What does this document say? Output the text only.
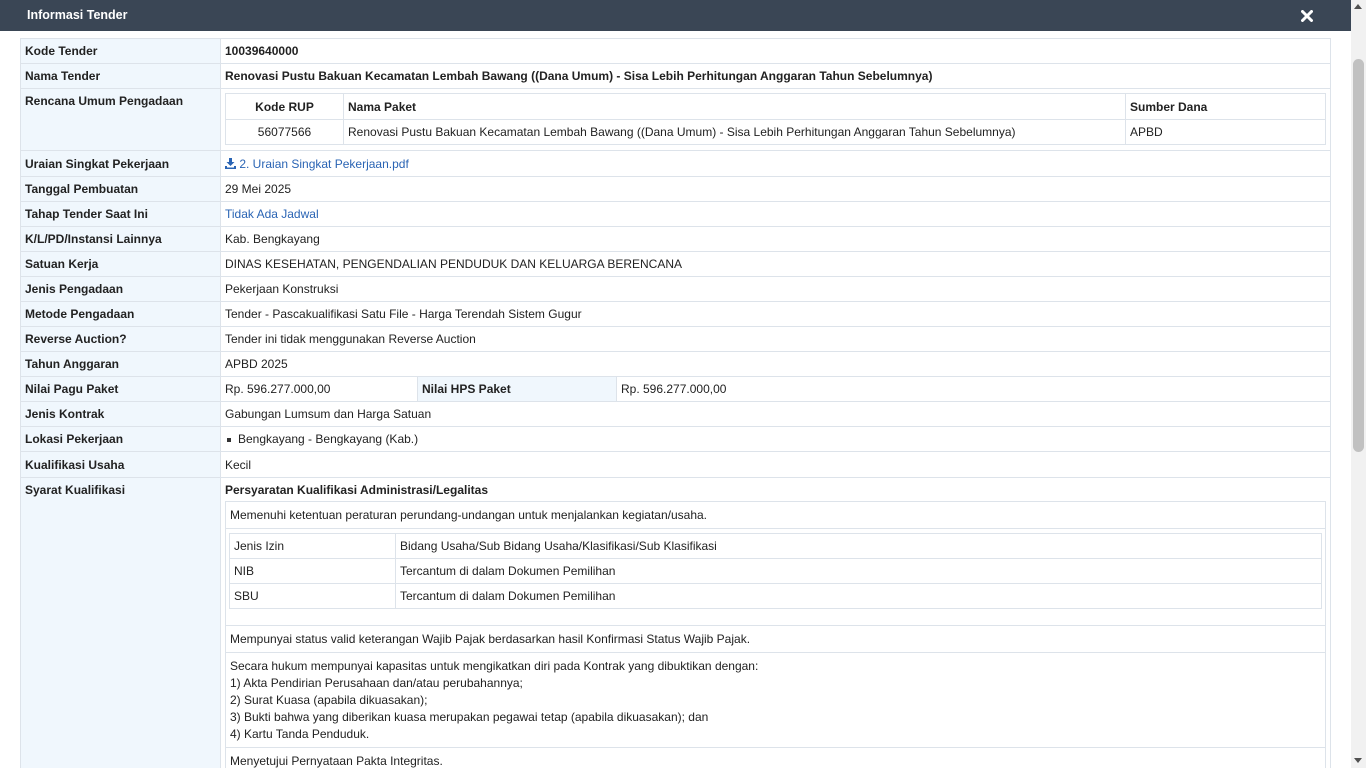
Informasi Tender
Kode Tender	10039640000
Nama Tender	Renovasi Pustu Bakuan Kecamatan Lembah Bawang ((Dana Umum) - Sisa Lebih Perhitungan Anggaran Tahun Sebelumnya)
Rencana Umum Pengadaan		Kode RUP	Nama Paket	Sumber Dana
56077566	Renovasi Pustu Bakuan Kecamatan Lembah Bawang ((Dana Umum) - Sisa Lebih Perhitungan Anggaran Tahun Sebelumnya)	APBD

Uraian Singkat Pekerjaan	2. Uraian Singkat Pekerjaan.pdf
Tanggal Pembuatan	29 Mei 2025
Tahap Tender Saat Ini	Tidak Ada Jadwal
K/L/PD/Instansi Lainnya	Kab. Bengkayang
Satuan Kerja	DINAS KESEHATAN, PENGENDALIAN PENDUDUK DAN KELUARGA BERENCANA
Jenis Pengadaan	Pekerjaan Konstruksi
Metode Pengadaan	Tender - Pascakualifikasi Satu File - Harga Terendah Sistem Gugur
Reverse Auction?	Tender ini tidak menggunakan Reverse Auction
Tahun Anggaran	APBD 2025
Nilai Pagu Paket	Rp. 596.277.000,00	Nilai HPS Paket	Rp. 596.277.000,00

Jenis Kontrak	Gabungan Lumsum dan Harga Satuan
Lokasi Pekerjaan	Bengkayang - Bengkayang (Kab.)

Kualifikasi Usaha	Kecil
Syarat Kualifikasi	Persyaratan Kualifikasi Administrasi/Legalitas
Memenuhi ketentuan peraturan perundang-undangan untuk menjalankan kegiatan/usaha.
Jenis Izin	Bidang Usaha/Sub Bidang Usaha/Klasifikasi/Sub Klasifikasi
NIB	Tercantum di dalam Dokumen Pemilihan
SBU	Tercantum di dalam Dokumen Pemilihan
Mempunyai status valid keterangan Wajib Pajak berdasarkan hasil Konfirmasi Status Wajib Pajak.
Secara hukum mempunyai kapasitas untuk mengikatkan diri pada Kontrak yang dibuktikan dengan:
1) Akta Pendirian Perusahaan dan/atau perubahannya;
2) Surat Kuasa (apabila dikuasakan);
3) Bukti bahwa yang diberikan kuasa merupakan pegawai tetap (apabila dikuasakan); dan
4) Kartu Tanda Penduduk.
Menyetujui Pernyataan Pakta Integritas.
